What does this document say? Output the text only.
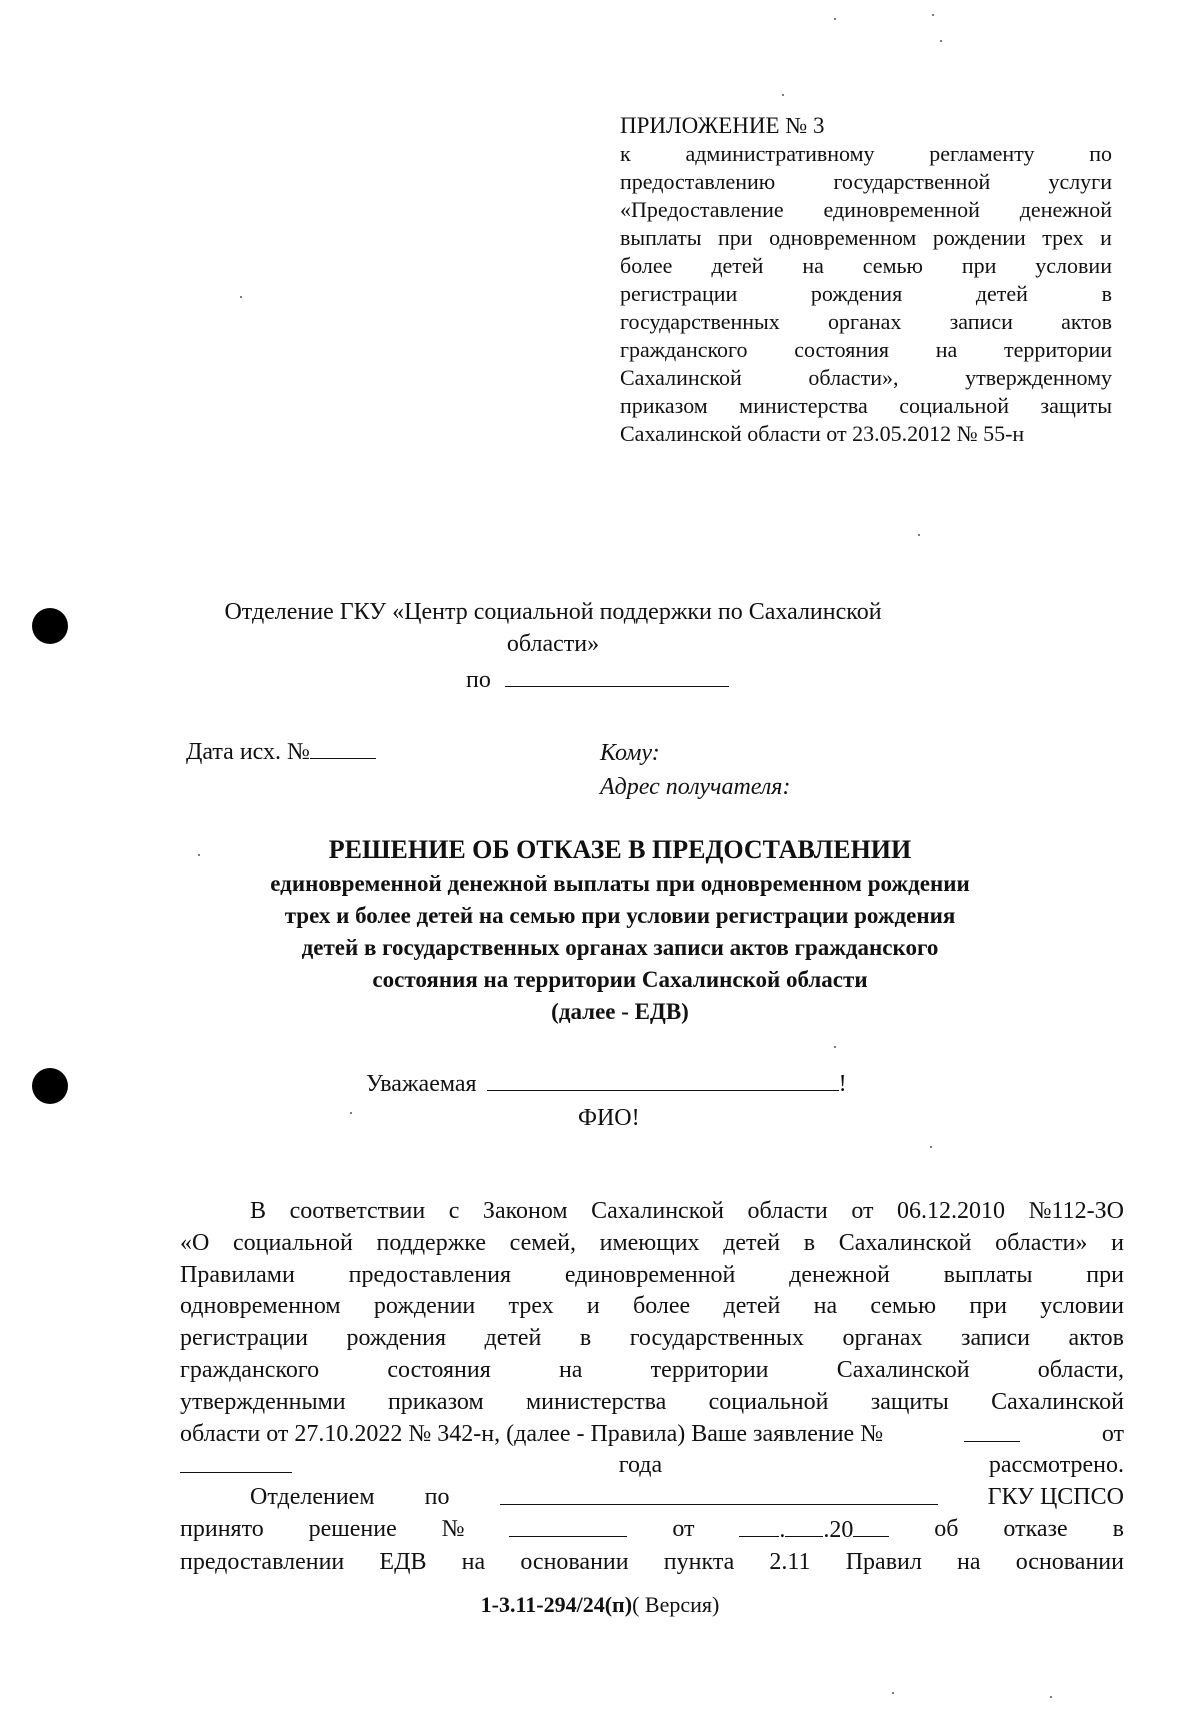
ПРИЛОЖЕНИЕ № 3
к административному регламенту по
предоставлению	государственной	услуги
«Предоставление единовременной денежной
выплаты при одновременном рождении трех и
более детей на семью при условии
регистрации	рождения	детей	в
государственных органах записи актов
гражданского состояния на территории
Сахалинской	области»,	утвержденному
приказом министерства социальной защиты
Сахалинской области от 23.05.2012 № 55-н
Отделение ГКУ «Центр социальной поддержки по Сахалинской
области»
по
Дата исх. №	Кому:
Адрес получателя:
РЕШЕНИЕ ОБ ОТКАЗЕ В ПРЕДОСТАВЛЕНИИ
единовременной денежной выплаты при одновременном рождении
трех и более детей на семью при условии регистрации рождения
детей в государственных органах записи актов гражданского
состояния на территории Сахалинской области
(далее - ЕДВ)
Уважаемая	!
ФИО!
В соответствии с Законом Сахалинской области от 06.12.2010 №112-ЗО
«О социальной поддержке семей, имеющих детей в Сахалинской области» и
Правилами предоставления единовременной денежной выплаты при
одновременном рождении трех и более детей на семью при условии
регистрации рождения детей в государственных органах записи актов
гражданского	состояния	на	территории	Сахалинской	области,
утвержденными приказом министерства социальной защиты Сахалинской
области от 27.10.2022 № 342-н, (далее - Правила) Ваше заявление №	от
года	рассмотрено.
Отделением по	ГКУ ЦСПСО
принято решение №	от	. .20	об отказе в
предоставлении ЕДВ на основании пункта 2.11 Правил на основании
1-3.11-294/24(п)( Версия)
